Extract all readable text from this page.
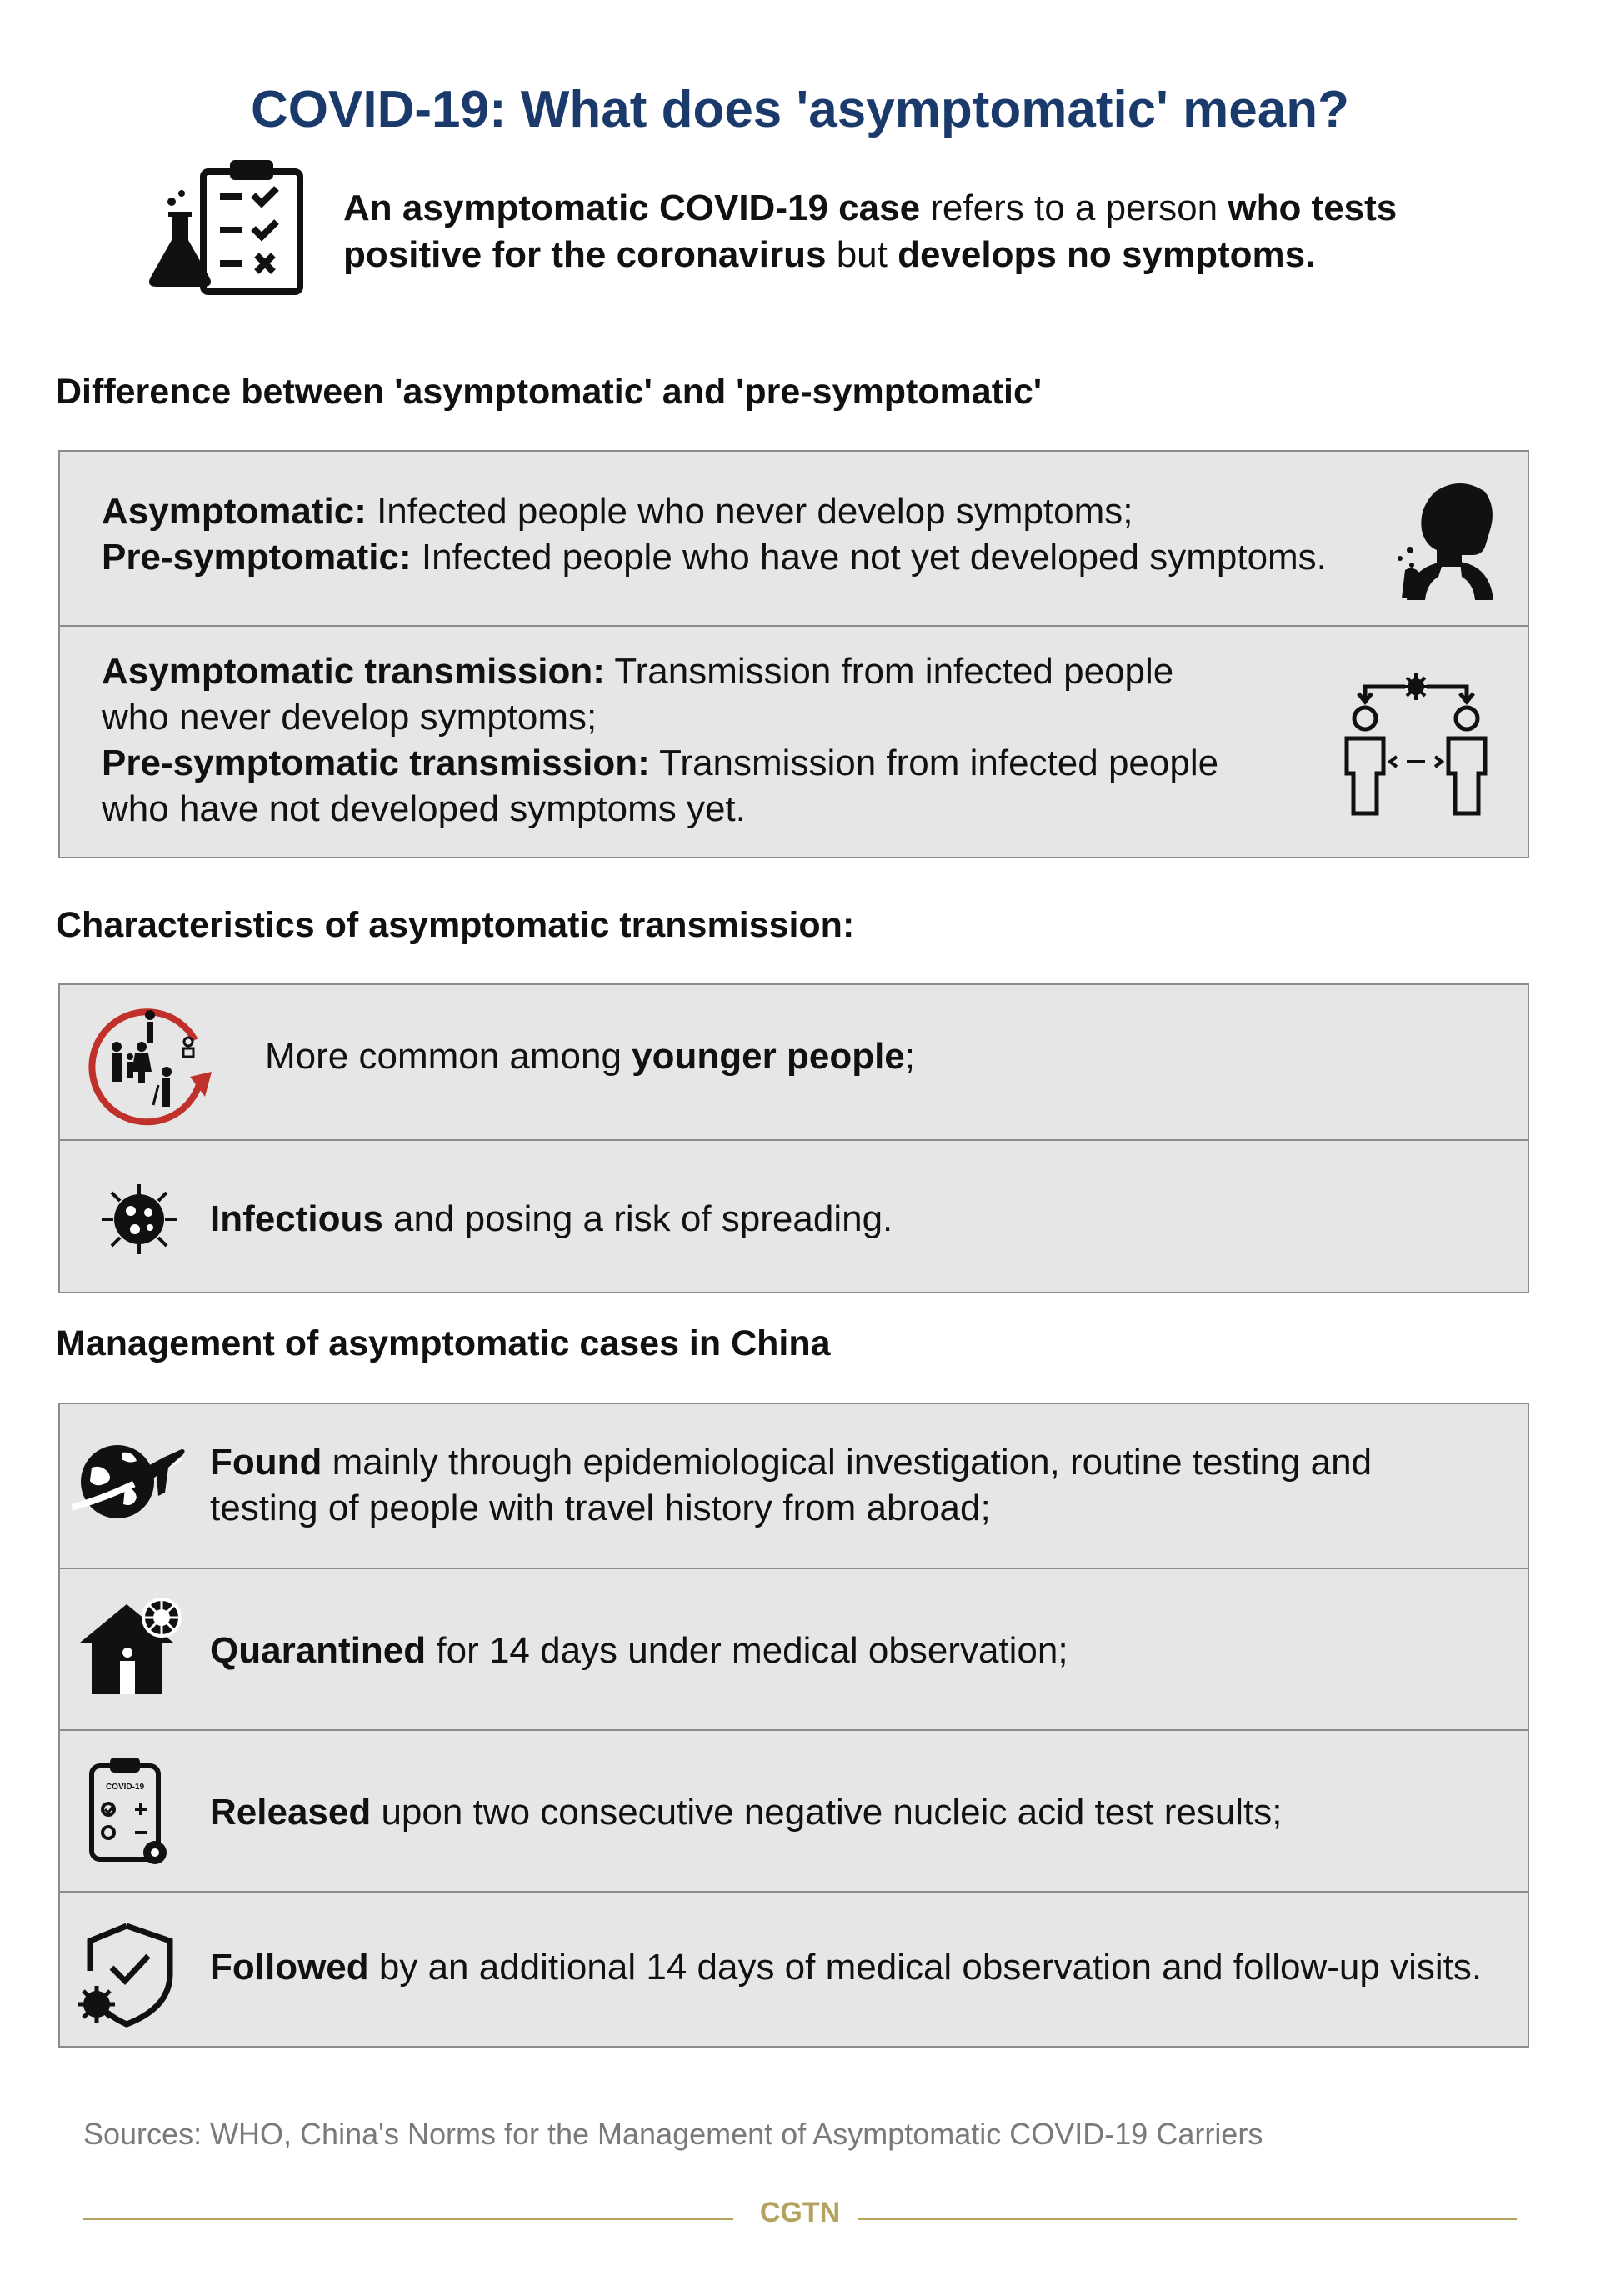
COVID-19: What does 'asymptomatic' mean?

An asymptomatic COVID-19 case refers to a person who tests positive for the coronavirus but develops no symptoms.

Difference between 'asymptomatic' and 'pre-symptomatic'

Asymptomatic: Infected people who never develop symptoms;
Pre-symptomatic: Infected people who have not yet developed symptoms.

Asymptomatic transmission: Transmission from infected people
who never develop symptoms;
Pre-symptomatic transmission: Transmission from infected people
who have not developed symptoms yet.

Characteristics of asymptomatic transmission:

More common among younger people;

Infectious and posing a risk of spreading.

Management of asymptomatic cases in China

Found mainly through epidemiological investigation, routine testing and
testing of people with travel history from abroad;

Quarantined for 14 days under medical observation;

COVID-19

Released upon two consecutive negative nucleic acid test results;

Followed by an additional 14 days of medical observation and follow-up visits.

Sources: WHO, China's Norms for the Management of Asymptomatic COVID-19 Carriers

CGTN
